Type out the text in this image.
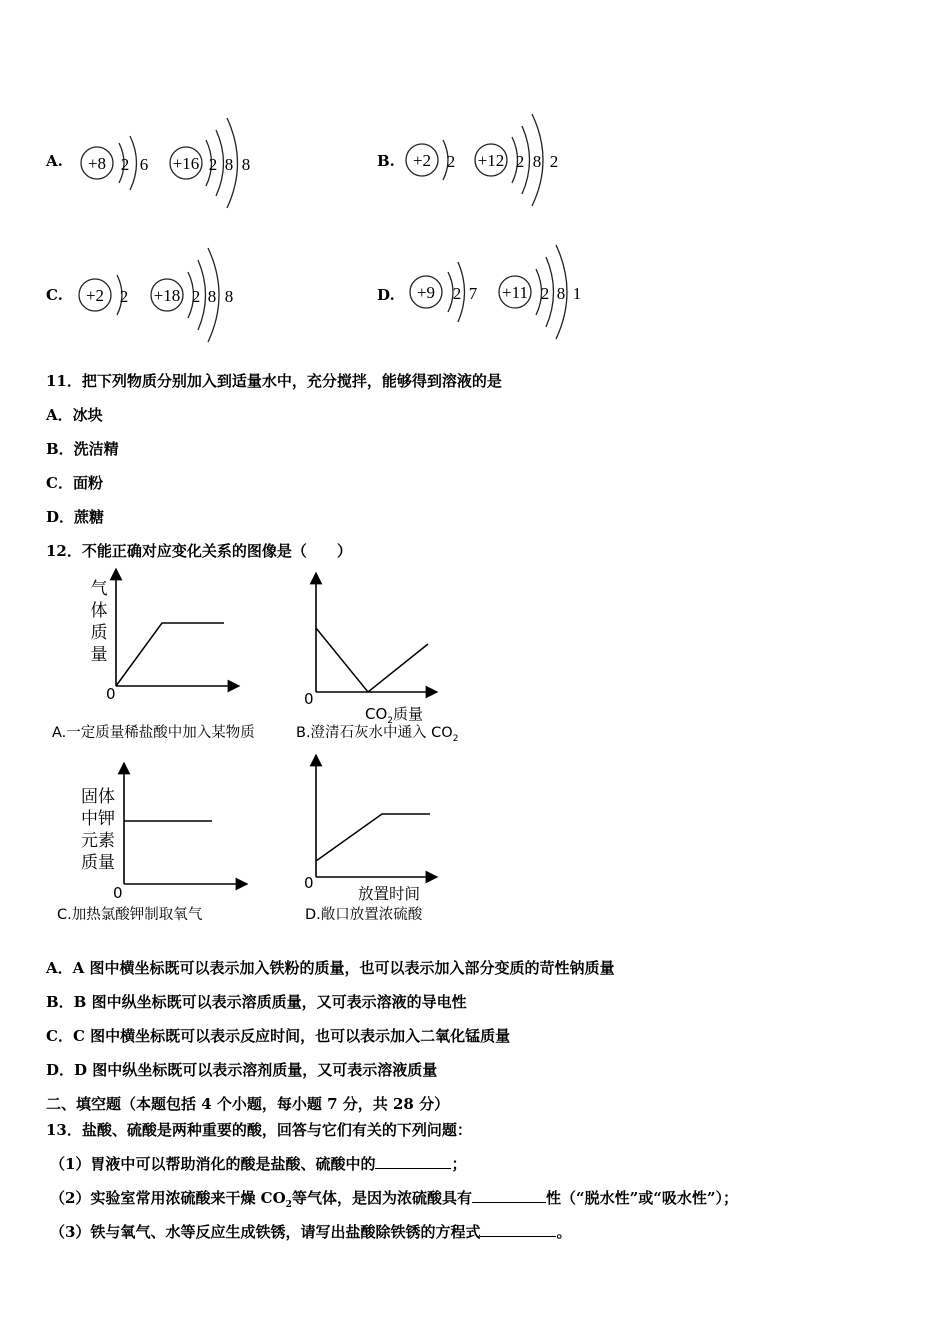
A.	B.
C.	D.
+8	+16	+2	+12
+2	+18	+9	+11
2 6	2 8 8	2	2 8 2
2	2 8 8	2 7	2 8 1
11．把下列物质分别加入到适量水中，充分搅拌，能够得到溶液的是
A．冰块
B．洗洁精
C．面粉
D．蔗糖
12．不能正确对应变化关系的图像是（　　）
气
体
质
量
0
A.一定质量稀盐酸中加入某物质
0
$CO_2$质量
B.澄清石灰水中通入 $CO_2$
固体
中钾
元素
质量
0
C.加热氯酸钾制取氧气
0
放置时间
D.敞口放置浓硫酸
A．A 图中横坐标既可以表示加入铁粉的质量，也可以表示加入部分变质的苛性钠质量
B．B 图中纵坐标既可以表示溶质质量，又可表示溶液的导电性
C．C 图中横坐标既可以表示反应时间，也可以表示加入二氧化锰质量
D．D 图中纵坐标既可以表示溶剂质量，又可表示溶液质量
二、填空题（本题包括 4 个小题，每小题 7 分，共 28 分）
13．盐酸、硫酸是两种重要的酸，回答与它们有关的下列问题：
（1）胃液中可以帮助消化的酸是盐酸、硫酸中的	；
（2）实验室常用浓硫酸来干燥 $CO_2$等气体，是因为浓硫酸具有	性（“脱水性”或“吸水性”）；
（3）铁与氧气、水等反应生成铁锈，请写出盐酸除铁锈的方程式	。
